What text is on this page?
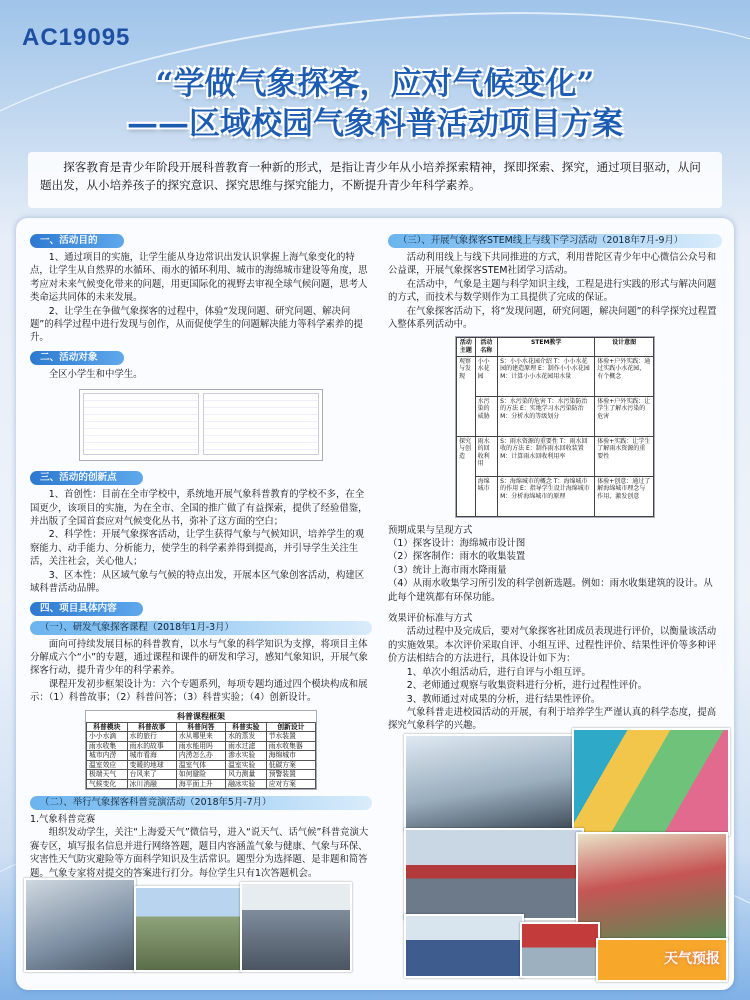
AC19095
“学做气象探客，应对气候变化”
——区域校园气象科普活动项目方案
探客教育是青少年阶段开展科普教育一种新的形式，是指让青少年从小培养探索精神，探即探索、探究，通过项目驱动，从问题出发，从小培养孩子的探究意识、探究思维与探究能力，不断提升青少年科学素养。
一、活动目的

1、通过项目的实施，让学生能从身边常识出发认识掌握上海气象变化的特点，让学生从自然界的水循环、雨水的循环利用、城市的海绵城市建设等角度，思考应对未来气候变化带来的问题，用更国际化的视野去审视全球气候问题，思考人类命运共同体的未来发展。

2、让学生在争做气象探客的过程中，体验“发现问题、研究问题、解决问题”的科学过程中进行发现与创作，从而促使学生的问题解决能力等科学素养的提升。

二、活动对象

全区小学生和中学生。

三、活动的创新点

1、首创性：目前在全市学校中，系统地开展气象科普教育的学校不多，在全国更少，该项目的实施，为在全市、全国的推广做了有益探索，提供了经验借鉴，并出版了全国首套应对气候变化丛书，弥补了这方面的空白；

2、科学性：开展气象探客活动，让学生获得气象与气候知识，培养学生的观察能力、动手能力、分析能力，使学生的科学素养得到提高，并引导学生关注生活，关注社会，关心他人；

3、区本性：从区域气象与气候的特点出发，开展本区气象创客活动，构建区域科普活动品牌。

四、项目具体内容
（一）、研发气象探客课程（2018年1月-3月）

面向可持续发展目标的科普教育，以水与气象的科学知识为支撑，将项目主体分解成六个“小”的专题，通过课程和课件的研发和学习，感知气象知识，开展气象探客行动，提升青少年的科学素养。

课程开发初步框架设计为：六个专题系列，每项专题均通过四个模块构成和展示：（1）科普故事；（2）科普问答；（3）科普实验；（4）创新设计。

科普课程框架
科普模块	科普故事	科普问答	科普实验	创新设计
小小水滴	水的旅行	水从哪里来	水的蒸发	节水装置
雨水收集	雨水的故事	雨水能用吗	雨水过滤	雨水收集器
城市内涝	城市看海	内涝怎么办	渗水实验	海绵城市
温室效应	变暖的地球	温室气体	温室实验	低碳方案
极端天气	台风来了	如何避险	风力测量	预警装置
气候变化	冰川消融	海平面上升	融冰实验	应对方案
（二）、举行气象探客科普竞演活动（2018年5月-7月）

1.气象科普竞赛

组织发动学生，关注“上海爱天气”微信号，进入“说天气、话气候”科普竞演大赛专区，填写报名信息并进行网络答题，题目内容涵盖气象与健康、气象与环保、灾害性天气防灾避险等方面科学知识及生活常识。题型分为选择题、是非题和简答题。气象专家将对提交的答案进行打分。每位学生只有1次答题机会。

（三）、开展气象探客STEM线上与线下学习活动（2018年7月-9月）

活动利用线上与线下共同推进的方式，利用普陀区青少年中心微信公众号和公益课，开展气象探客STEM社团学习活动。

在活动中，气象是主题与科学知识主线，工程是进行实践的形式与解决问题的方式，而技术与数学则作为工具提供了完成的保证。

在气象探客活动下，将“发现问题，研究问题，解决问题”的科学探究过程置入整体系列活动中。

活动主题	活动名称	STEM教学	设计意图
观察与发现	小小水花园	S：小小水花园介绍 T：小小水花园的建造原理 E：制作小小水花园 M：计算小小水花园用水量	体验+户外实践：通过实践小水花园，有个概念
	水污染的威胁	S：水污染的危害 T：水污染防治的方法 E：实地学习水污染防治 M：分析水的等级划分	体验+户外实践：让学生了解水污染的危害
探究与创造	雨水的回收利用	S：雨水资源的重要性 T：雨水回收的方法 E：制作雨水回收装置 M：计算雨水回收利用率	体验+实践：让学生了解雨水资源的重要性
	海绵城市	S：海绵城市的概念 T：海绵城市的作用 E：指导学生设计海绵城市 M：分析海绵城市的原理	体验+创意：通过了解海绵城市理念与作用，激发创意

预期成果与呈现方式

（1）探客设计：海绵城市设计图

（2）探客制作：雨水的收集装置

（3）统计上海市雨水降雨量

（4）从雨水收集学习所引发的科学创新选题。例如：雨水收集建筑的设计。从此每个建筑都有环保功能。

效果评价标准与方式

活动过程中及完成后，要对气象探客社团成员表现进行评价，以衡量该活动的实施效果。本次评价采取自评、小组互评、过程性评价、结果性评价等多种评价方法相结合的方法进行，具体设计如下为：

1、单次小组活动后，进行自评与小组互评。

2、老师通过观察与收集资料进行分析，进行过程性评价。

3、教师通过对成果的分析，进行结果性评价。

气象科普走进校园活动的开展，有利于培养学生严谨认真的科学态度，提高探究气象科学的兴趣。

天气预报
